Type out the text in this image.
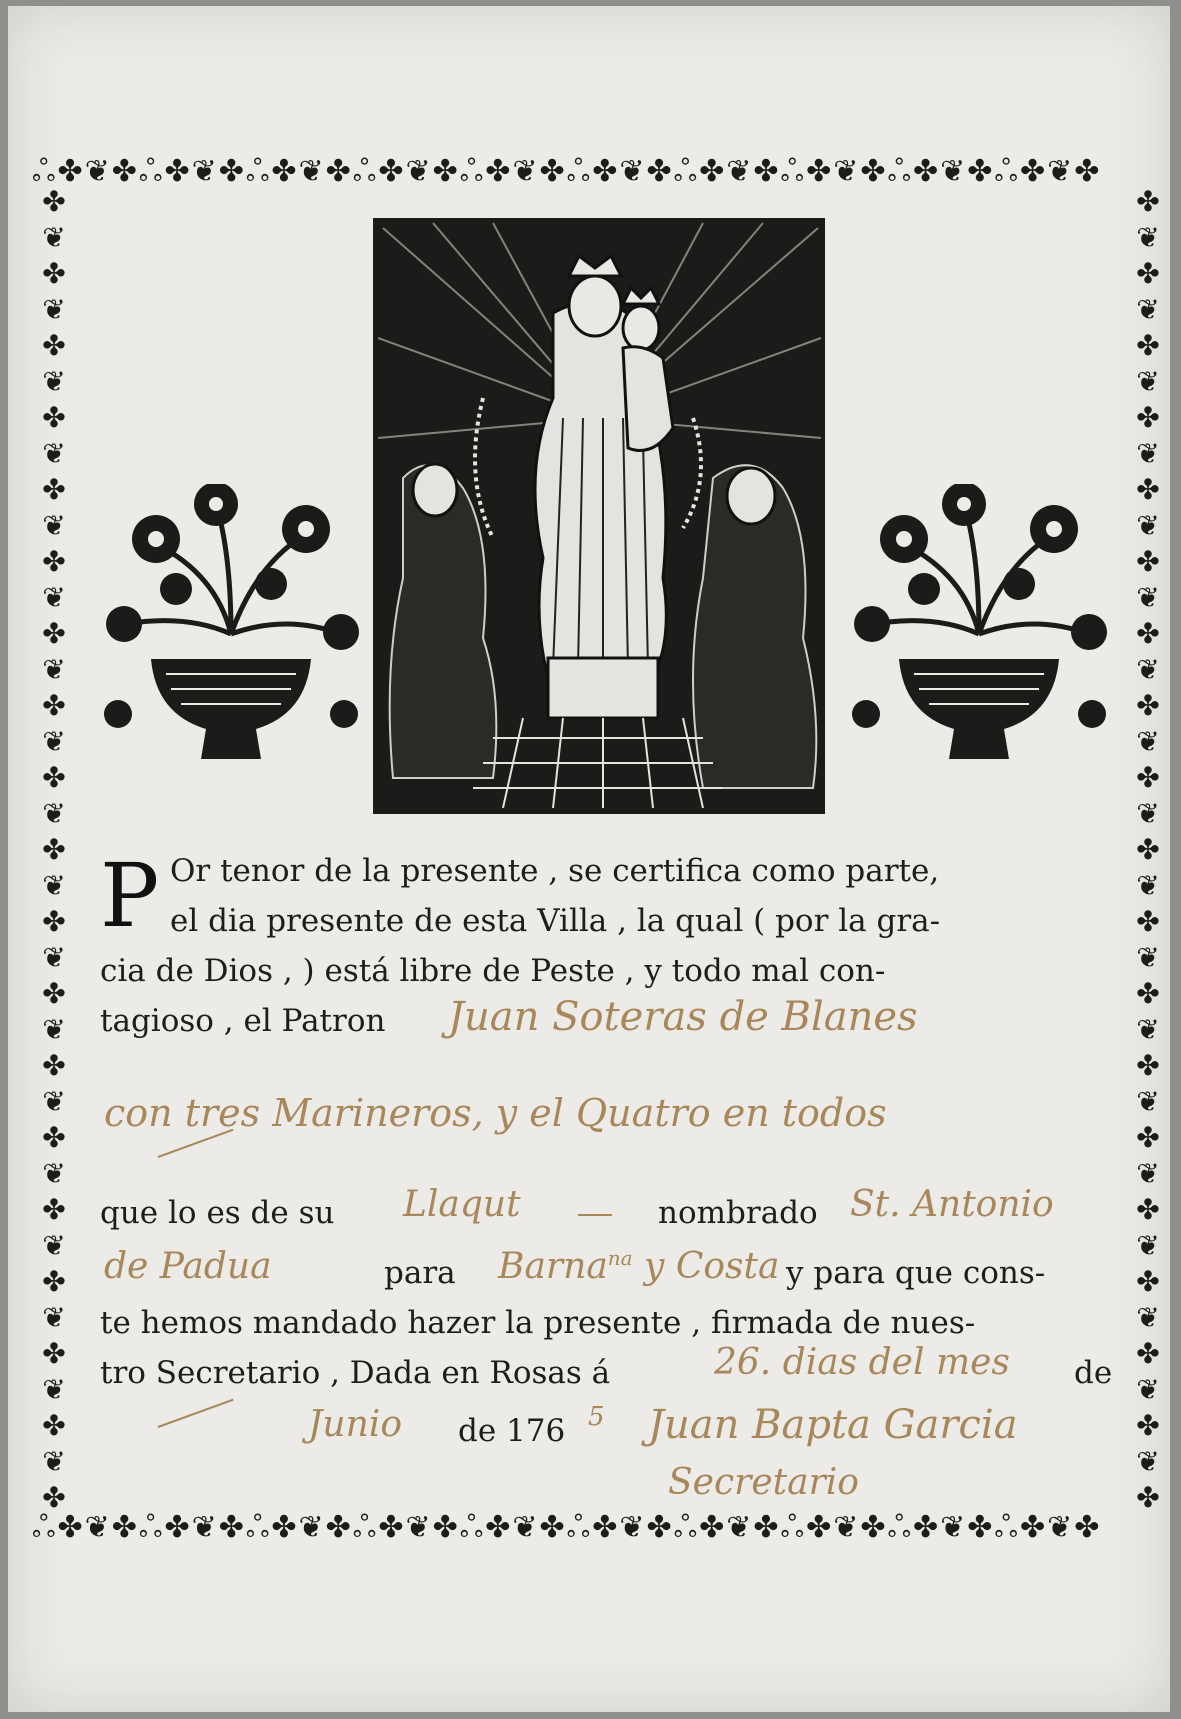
ஃ✤❦✤ஃ✤❦✤ஃ✤❦✤ஃ✤❦✤ஃ✤❦✤ஃ✤❦✤ஃ✤❦✤ஃ✤❦✤ஃ✤❦✤ஃ✤❦✤
ஃ✤❦✤ஃ✤❦✤ஃ✤❦✤ஃ✤❦✤ஃ✤❦✤ஃ✤❦✤ஃ✤❦✤ஃ✤❦✤ஃ✤❦✤ஃ✤❦✤
✤❦✤❦✤❦✤❦✤❦✤❦✤❦✤❦✤❦✤❦✤❦✤❦✤❦✤❦✤❦✤❦✤❦✤❦✤
✤❦✤❦✤❦✤❦✤❦✤❦✤❦✤❦✤❦✤❦✤❦✤❦✤❦✤❦✤❦✤❦✤❦✤❦✤
P Or tenor de la presente , se certifica como parte,
el dia presente de esta Villa , la qual ( por la gra-
cia de Dios , ) está libre de Peste , y todo mal con-
tagioso , el Patron	Juan Soteras de Blanes
con tres Marineros, y el Quatro en todos
que lo es de su	Llaqut	nombrado St. Antonio
de Padua	para	Barna$^{na}$ y Costa y para que cons-
te hemos mandado hazer la presente , firmada de nues-
tro Secretario , Dada en Rosas á	26. dias del mes de
Junio de 176 5 Juan Bapta Garcia
Secretario
